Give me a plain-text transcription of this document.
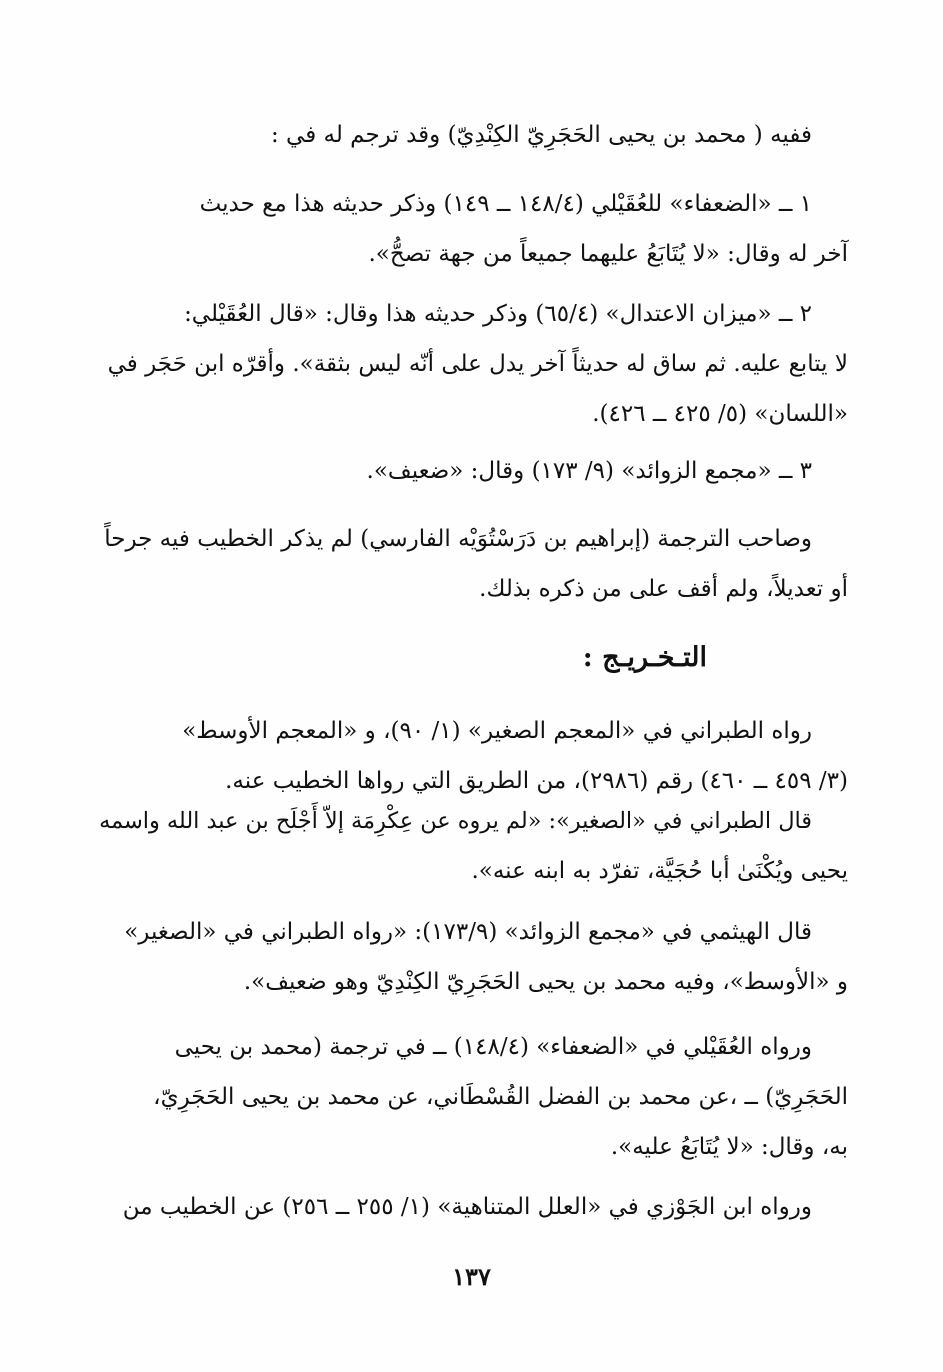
ففيه ( محمد بن يحيى الحَجَرِيّ الكِنْدِيّ) وقد ترجم له في :
١ ــ «الضعفاء» للعُقَيْلي (١٤٨/٤ ــ ١٤٩) وذكر حديثه هذا مع حديث
آخر له وقال: «لا يُتَابَعُ عليهما جميعاً من جهة تصحُّ».
٢ ــ «ميزان الاعتدال» (٦٥/٤) وذكر حديثه هذا وقال: «قال العُقَيْلي:
لا يتابع عليه. ثم ساق له حديثاً آخر يدل على أنّه ليس بثقة». وأقرّه ابن حَجَر في
«اللسان» (٥/ ٤٢٥ ــ ٤٢٦).
٣ ــ «مجمع الزوائد» (٩/ ١٧٣) وقال: «ضعيف».
وصاحب الترجمة (إبراهيم بن دَرَسْتُوَيْه الفارسي) لم يذكر الخطيب فيه جرحاً
أو تعديلاً، ولم أقف على من ذكره بذلك.
التـخـريـج :
رواه الطبراني في «المعجم الصغير» (١/ ٩٠)، و «المعجم الأوسط»
(٣/ ٤٥٩ ــ ٤٦٠) رقم (٢٩٨٦)، من الطريق التي رواها الخطيب عنه.
قال الطبراني في «الصغير»: «لم يروه عن عِكْرِمَة إلاّ أَجْلَح بن عبد الله واسمه
يحيى ويُكْنَىٰ أبا حُجَيَّة، تفرّد به ابنه عنه».
قال الهيثمي في «مجمع الزوائد» (١٧٣/٩): «رواه الطبراني في «الصغير»
و «الأوسط»، وفيه محمد بن يحيى الحَجَرِيّ الكِنْدِيّ وهو ضعيف».
ورواه العُقَيْلي في «الضعفاء» (١٤٨/٤) ــ في ترجمة (محمد بن يحيى
الحَجَرِيّ) ــ ،عن محمد بن الفضل القُسْطَاني، عن محمد بن يحيى الحَجَرِيّ،
به، وقال: «لا يُتَابَعُ عليه».
ورواه ابن الجَوْزي في «العلل المتناهية» (١/ ٢٥٥ ــ ٢٥٦) عن الخطيب من
١٣٧
